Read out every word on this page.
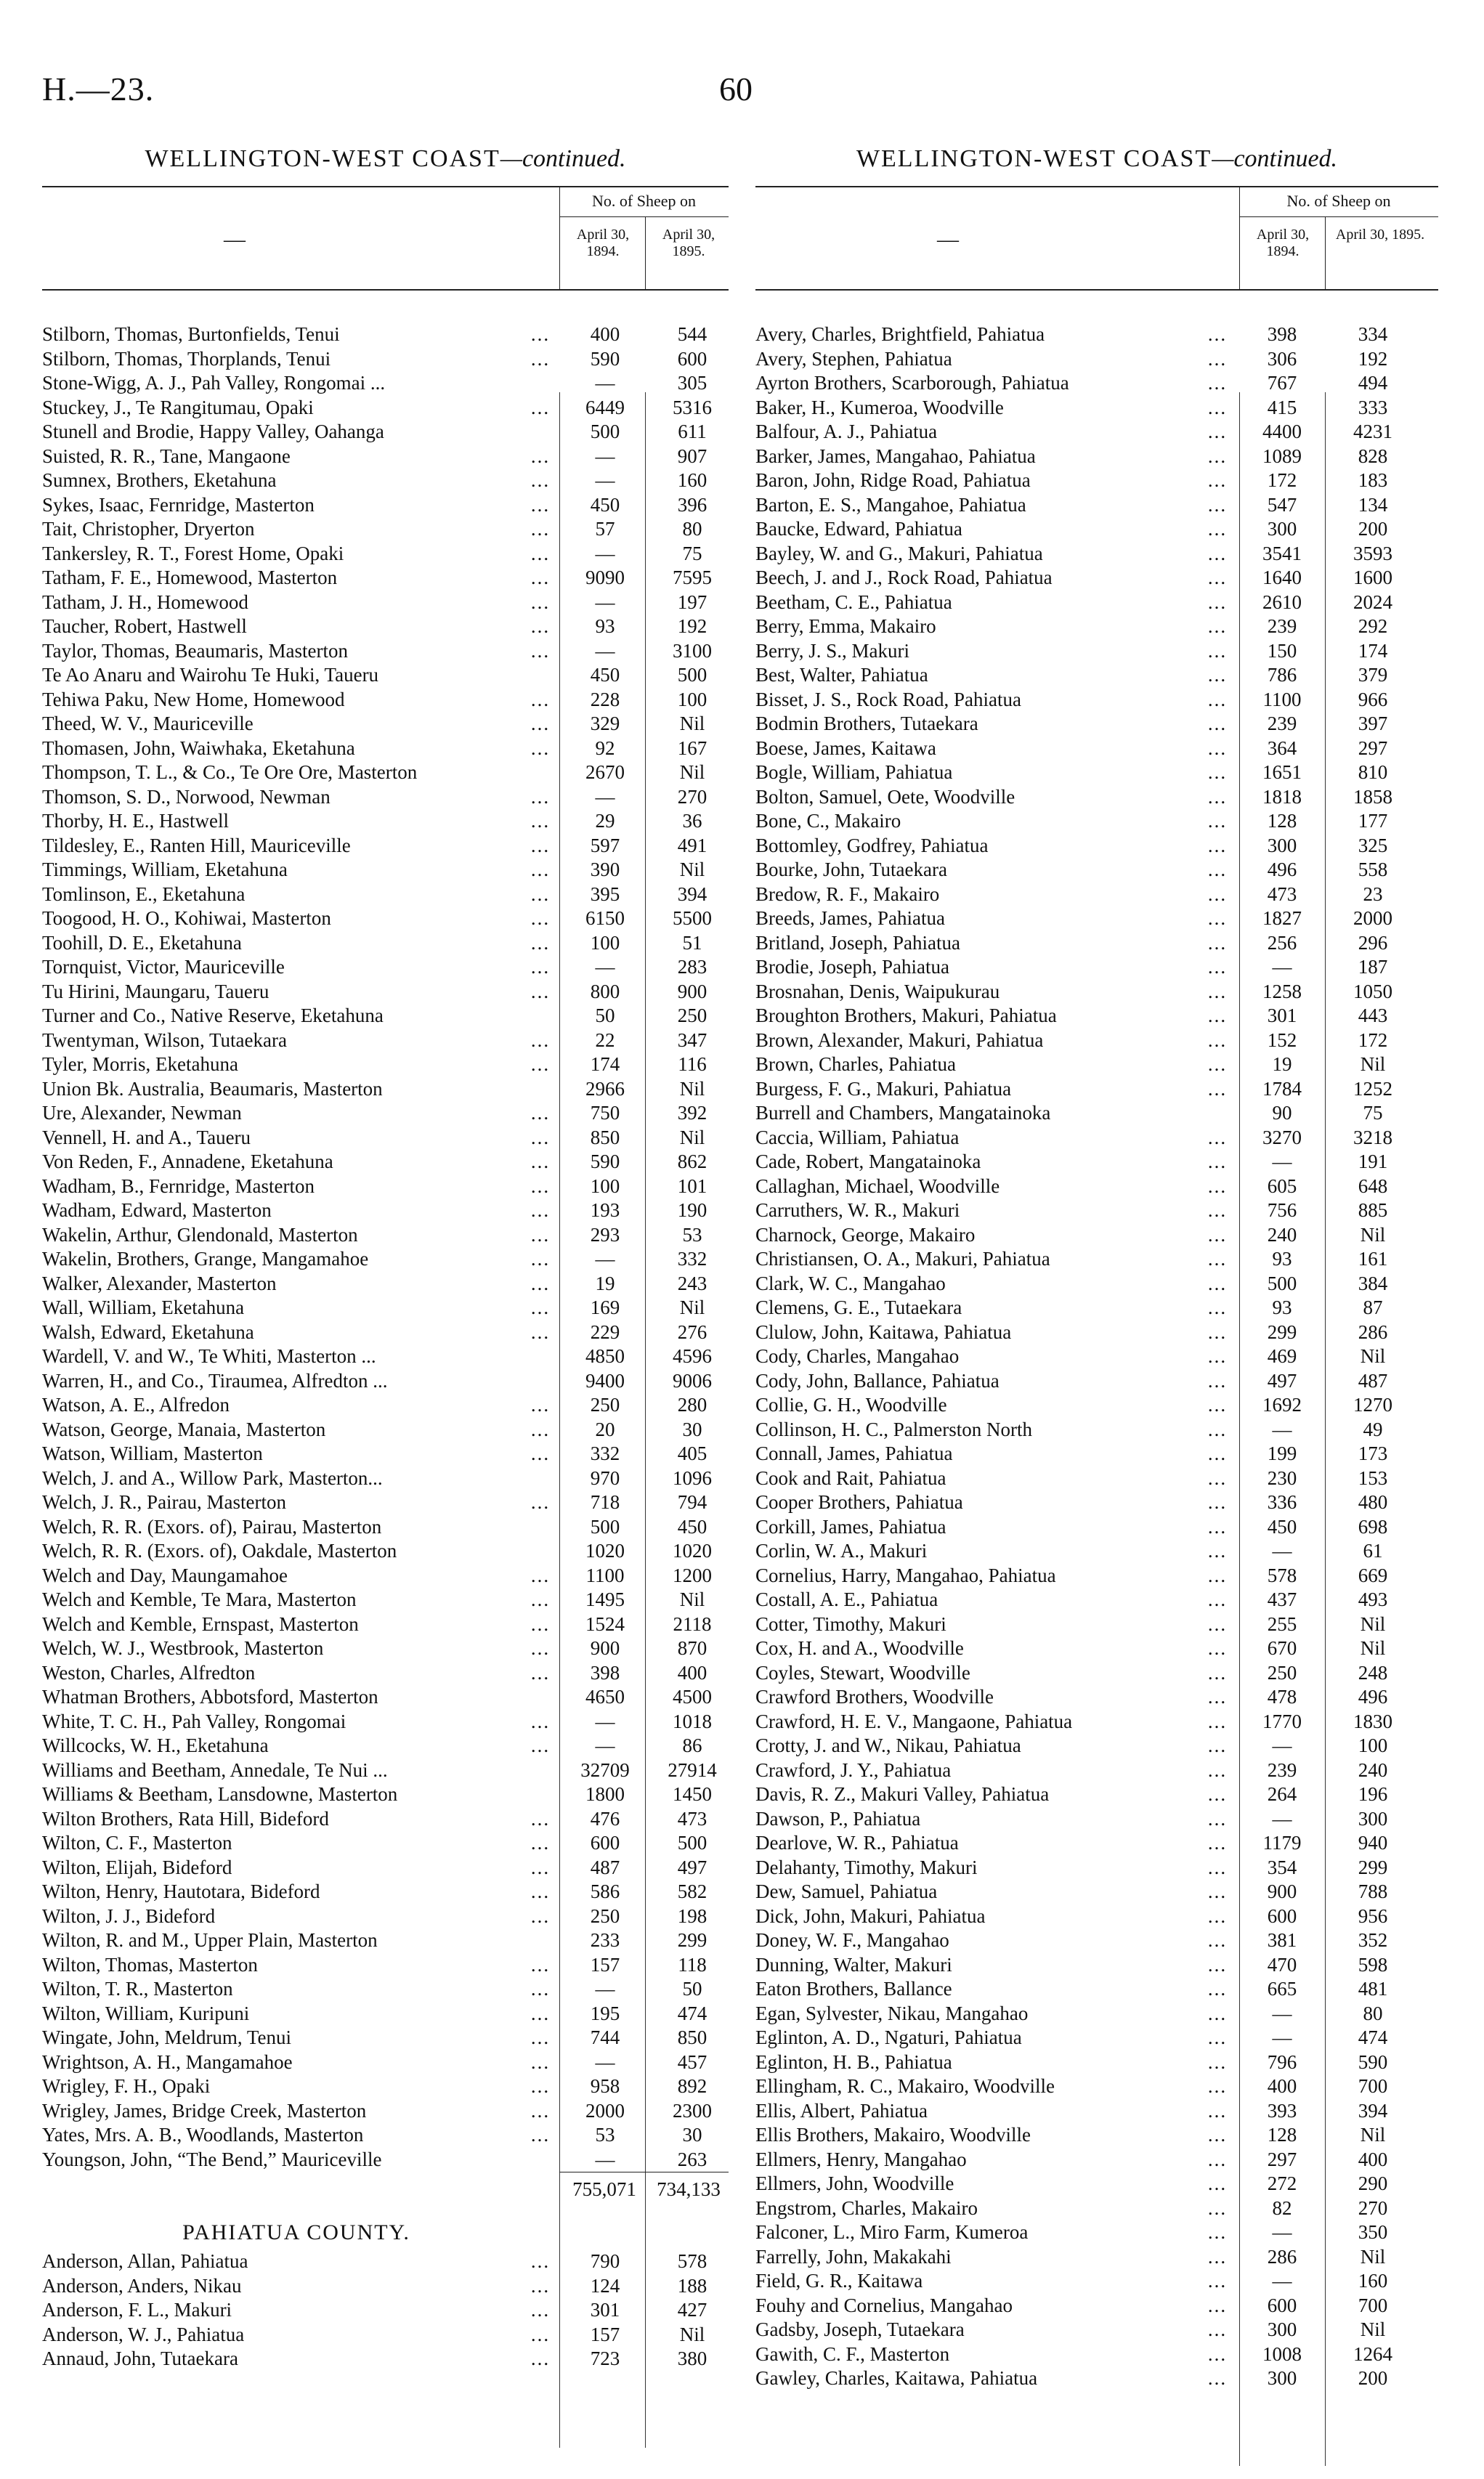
H.—23.	60
WELLINGTON-WEST COAST—continued.
—
No. of Sheep on
April 30, 1894.
April 30, 1895.
Stilborn, Thomas, Burtonfields, Tenui	...	400	544
Stilborn, Thomas, Thorplands, Tenui	...	590	600
Stone-Wigg, A. J., Pah Valley, Rongomai ...	—	305
Stuckey, J., Te Rangitumau, Opaki	...	6449	5316
Stunell and Brodie, Happy Valley, Oahanga	500	611
Suisted, R. R., Tane, Mangaone	...	—	907
Sumnex, Brothers, Eketahuna	...	—	160
Sykes, Isaac, Fernridge, Masterton	...	450	396
Tait, Christopher, Dryerton	...	57	80
Tankersley, R. T., Forest Home, Opaki	...	—	75
Tatham, F. E., Homewood, Masterton	...	9090	7595
Tatham, J. H., Homewood	...	—	197
Taucher, Robert, Hastwell	...	93	192
Taylor, Thomas, Beaumaris, Masterton	...	—	3100
Te Ao Anaru and Wairohu Te Huki, Taueru	450	500
Tehiwa Paku, New Home, Homewood	...	228	100
Theed, W. V., Mauriceville	...	329	Nil
Thomasen, John, Waiwhaka, Eketahuna	...	92	167
Thompson, T. L., & Co., Te Ore Ore, Masterton	2670	Nil
Thomson, S. D., Norwood, Newman	...	—	270
Thorby, H. E., Hastwell	...	29	36
Tildesley, E., Ranten Hill, Mauriceville	...	597	491
Timmings, William, Eketahuna	...	390	Nil
Tomlinson, E., Eketahuna	...	395	394
Toogood, H. O., Kohiwai, Masterton	...	6150	5500
Toohill, D. E., Eketahuna	...	100	51
Tornquist, Victor, Mauriceville	...	—	283
Tu Hirini, Maungaru, Taueru	...	800	900
Turner and Co., Native Reserve, Eketahuna	50	250
Twentyman, Wilson, Tutaekara	...	22	347
Tyler, Morris, Eketahuna	...	174	116
Union Bk. Australia, Beaumaris, Masterton	2966	Nil
Ure, Alexander, Newman	...	750	392
Vennell, H. and A., Taueru	...	850	Nil
Von Reden, F., Annadene, Eketahuna	...	590	862
Wadham, B., Fernridge, Masterton	...	100	101
Wadham, Edward, Masterton	...	193	190
Wakelin, Arthur, Glendonald, Masterton	...	293	53
Wakelin, Brothers, Grange, Mangamahoe	...	—	332
Walker, Alexander, Masterton	...	19	243
Wall, William, Eketahuna	...	169	Nil
Walsh, Edward, Eketahuna	...	229	276
Wardell, V. and W., Te Whiti, Masterton ...	4850	4596
Warren, H., and Co., Tiraumea, Alfredton ...	9400	9006
Watson, A. E., Alfredon	...	250	280
Watson, George, Manaia, Masterton	...	20	30
Watson, William, Masterton	...	332	405
Welch, J. and A., Willow Park, Masterton...	970	1096
Welch, J. R., Pairau, Masterton	...	718	794
Welch, R. R. (Exors. of), Pairau, Masterton	500	450
Welch, R. R. (Exors. of), Oakdale, Masterton	1020	1020
Welch and Day, Maungamahoe	...	1100	1200
Welch and Kemble, Te Mara, Masterton	...	1495	Nil
Welch and Kemble, Ernspast, Masterton	...	1524	2118
Welch, W. J., Westbrook, Masterton	...	900	870
Weston, Charles, Alfredton	...	398	400
Whatman Brothers, Abbotsford, Masterton	4650	4500
White, T. C. H., Pah Valley, Rongomai	...	—	1018
Willcocks, W. H., Eketahuna	...	—	86
Williams and Beetham, Annedale, Te Nui ...	32709	27914
Williams & Beetham, Lansdowne, Masterton	1800	1450
Wilton Brothers, Rata Hill, Bideford	...	476	473
Wilton, C. F., Masterton	...	600	500
Wilton, Elijah, Bideford	...	487	497
Wilton, Henry, Hautotara, Bideford	...	586	582
Wilton, J. J., Bideford	...	250	198
Wilton, R. and M., Upper Plain, Masterton	233	299
Wilton, Thomas, Masterton	...	157	118
Wilton, T. R., Masterton	...	—	50
Wilton, William, Kuripuni	...	195	474
Wingate, John, Meldrum, Tenui	...	744	850
Wrightson, A. H., Mangamahoe	...	—	457
Wrigley, F. H., Opaki	...	958	892
Wrigley, James, Bridge Creek, Masterton	...	2000	2300
Yates, Mrs. A. B., Woodlands, Masterton	...	53	30
Youngson, John, “The Bend,” Mauriceville	—	263
755,071	734,133
PAHIATUA COUNTY.
Anderson, Allan, Pahiatua	...	790	578
Anderson, Anders, Nikau	...	124	188
Anderson, F. L., Makuri	...	301	427
Anderson, W. J., Pahiatua	...	157	Nil
Annaud, John, Tutaekara	...	723	380
WELLINGTON-WEST COAST—continued.
—
No. of Sheep on
April 30, 1894.
April 30, 1895.
Avery, Charles, Brightfield, Pahiatua	...	398	334
Avery, Stephen, Pahiatua	...	306	192
Ayrton Brothers, Scarborough, Pahiatua	...	767	494
Baker, H., Kumeroa, Woodville	...	415	333
Balfour, A. J., Pahiatua	...	4400	4231
Barker, James, Mangahao, Pahiatua	...	1089	828
Baron, John, Ridge Road, Pahiatua	...	172	183
Barton, E. S., Mangahoe, Pahiatua	...	547	134
Baucke, Edward, Pahiatua	...	300	200
Bayley, W. and G., Makuri, Pahiatua	...	3541	3593
Beech, J. and J., Rock Road, Pahiatua	...	1640	1600
Beetham, C. E., Pahiatua	...	2610	2024
Berry, Emma, Makairo	...	239	292
Berry, J. S., Makuri	...	150	174
Best, Walter, Pahiatua	...	786	379
Bisset, J. S., Rock Road, Pahiatua	...	1100	966
Bodmin Brothers, Tutaekara	...	239	397
Boese, James, Kaitawa	...	364	297
Bogle, William, Pahiatua	...	1651	810
Bolton, Samuel, Oete, Woodville	...	1818	1858
Bone, C., Makairo	...	128	177
Bottomley, Godfrey, Pahiatua	...	300	325
Bourke, John, Tutaekara	...	496	558
Bredow, R. F., Makairo	...	473	23
Breeds, James, Pahiatua	...	1827	2000
Britland, Joseph, Pahiatua	...	256	296
Brodie, Joseph, Pahiatua	...	—	187
Brosnahan, Denis, Waipukurau	...	1258	1050
Broughton Brothers, Makuri, Pahiatua	...	301	443
Brown, Alexander, Makuri, Pahiatua	...	152	172
Brown, Charles, Pahiatua	...	19	Nil
Burgess, F. G., Makuri, Pahiatua	...	1784	1252
Burrell and Chambers, Mangatainoka	90	75
Caccia, William, Pahiatua	...	3270	3218
Cade, Robert, Mangatainoka	...	—	191
Callaghan, Michael, Woodville	...	605	648
Carruthers, W. R., Makuri	...	756	885
Charnock, George, Makairo	...	240	Nil
Christiansen, O. A., Makuri, Pahiatua	...	93	161
Clark, W. C., Mangahao	...	500	384
Clemens, G. E., Tutaekara	...	93	87
Clulow, John, Kaitawa, Pahiatua	...	299	286
Cody, Charles, Mangahao	...	469	Nil
Cody, John, Ballance, Pahiatua	...	497	487
Collie, G. H., Woodville	...	1692	1270
Collinson, H. C., Palmerston North	...	—	49
Connall, James, Pahiatua	...	199	173
Cook and Rait, Pahiatua	...	230	153
Cooper Brothers, Pahiatua	...	336	480
Corkill, James, Pahiatua	...	450	698
Corlin, W. A., Makuri	...	—	61
Cornelius, Harry, Mangahao, Pahiatua	...	578	669
Costall, A. E., Pahiatua	...	437	493
Cotter, Timothy, Makuri	...	255	Nil
Cox, H. and A., Woodville	...	670	Nil
Coyles, Stewart, Woodville	...	250	248
Crawford Brothers, Woodville	...	478	496
Crawford, H. E. V., Mangaone, Pahiatua	...	1770	1830
Crotty, J. and W., Nikau, Pahiatua	...	—	100
Crawford, J. Y., Pahiatua	...	239	240
Davis, R. Z., Makuri Valley, Pahiatua	...	264	196
Dawson, P., Pahiatua	...	—	300
Dearlove, W. R., Pahiatua	...	1179	940
Delahanty, Timothy, Makuri	...	354	299
Dew, Samuel, Pahiatua	...	900	788
Dick, John, Makuri, Pahiatua	...	600	956
Doney, W. F., Mangahao	...	381	352
Dunning, Walter, Makuri	...	470	598
Eaton Brothers, Ballance	...	665	481
Egan, Sylvester, Nikau, Mangahao	...	—	80
Eglinton, A. D., Ngaturi, Pahiatua	...	—	474
Eglinton, H. B., Pahiatua	...	796	590
Ellingham, R. C., Makairo, Woodville	...	400	700
Ellis, Albert, Pahiatua	...	393	394
Ellis Brothers, Makairo, Woodville	...	128	Nil
Ellmers, Henry, Mangahao	...	297	400
Ellmers, John, Woodville	...	272	290
Engstrom, Charles, Makairo	...	82	270
Falconer, L., Miro Farm, Kumeroa	...	—	350
Farrelly, John, Makakahi	...	286	Nil
Field, G. R., Kaitawa	...	—	160
Fouhy and Cornelius, Mangahao	...	600	700
Gadsby, Joseph, Tutaekara	...	300	Nil
Gawith, C. F., Masterton	...	1008	1264
Gawley, Charles, Kaitawa, Pahiatua	...	300	200
